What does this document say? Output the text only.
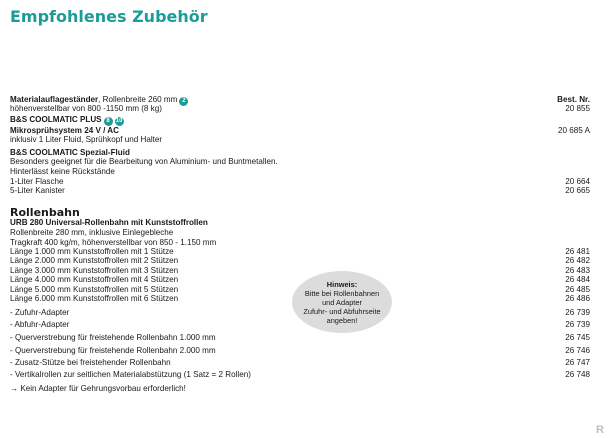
Empfohlenes Zubehör
Materialauflageständer, Rollenbreite 260 mm 2	Best. Nr.
höhenverstellbar von 800 -1150 mm (8 kg)	20 855
B&S COOLMATIC PLUS 8 10
Mikrosprühsystem 24 V / AC	20 685 A
inklusiv 1 Liter Fluid, Sprühkopf und Halter
B&S COOLMATIC Spezial-Fluid
Besonders geeignet für die Bearbeitung von Aluminium- und Buntmetallen.
Hinterlässt keine Rückstände
1-Liter Flasche	20 664
5-Liter Kanister	20 665
Rollenbahn
URB 280 Universal-Rollenbahn mit Kunststoffrollen
Rollenbreite 280 mm, inklusive Einlegebleche
Tragkraft 400 kg/m, höhenverstellbar von 850 - 1.150 mm
Länge 1.000 mm Kunststoffrollen mit 1 Stütze	26 481
Länge 2.000 mm Kunststoffrollen mit 2 Stützen	26 482
Länge 3.000 mm Kunststoffrollen mit 3 Stützen	26 483
Länge 4.000 mm Kunststoffrollen mit 4 Stützen	26 484
Länge 5.000 mm Kunststoffrollen mit 5 Stützen	26 485
Länge 6.000 mm Kunststoffrollen mit 6 Stützen	26 486
- Zufuhr-Adapter	26 739
- Abfuhr-Adapter	26 739
- Querverstrebung für freistehende Rollenbahn 1.000 mm	26 745
- Querverstrebung für freistehende Rollenbahn 2.000 mm	26 746
- Zusatz-Stütze bei freistehender Rollenbahn	26 747
- Vertikalrollen zur seitlichen Materialabstützung (1 Satz = 2 Rollen)	26 748
→ Kein Adapter für Gehrungsvorbau erforderlich!
Hinweis:
Bitte bei Rollenbahnen
und Adapter
Zufuhr- und Abfuhrseite
angeben!
R
